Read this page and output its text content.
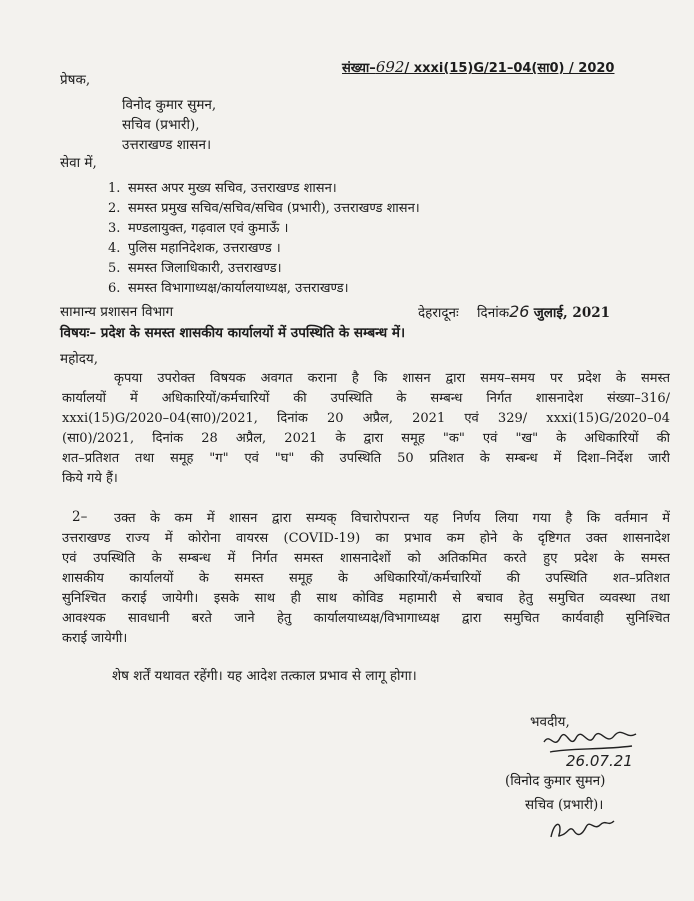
संख्या–692/ xxxi(15)G/21–04(सा0) / 2020
प्रेषक,
विनोद कुमार सुमन,
सचिव (प्रभारी),
उत्तराखण्ड शासन।
सेवा में,
1. समस्त अपर मुख्य सचिव, उत्तराखण्ड शासन।
2. समस्त प्रमुख सचिव/सचिव/सचिव (प्रभारी), उत्तराखण्ड शासन।
3. मण्डलायुक्त, गढ़वाल एवं कुमाऊँ ।
4. पुलिस महानिदेशक, उत्तराखण्ड ।
5. समस्त जिलाधिकारी, उत्तराखण्ड।
6. समस्त विभागाध्यक्ष/कार्यालयाध्यक्ष, उत्तराखण्ड।
सामान्य प्रशासन विभाग	देहरादूनः दिनांक26 जुलाई, 2021
विषयः– प्रदेश के समस्त शासकीय कार्यालयों में उपस्थिति के सम्बन्ध में।
महोदय,
कृपया उपरोक्त विषयक अवगत कराना है कि शासन द्वारा समय–समय पर प्रदेश के समस्त
कार्यालयों में अधिकारियों/कर्मचारियों की उपस्थिति के सम्बन्ध निर्गत शासनादेश संख्या–316/
xxxi(15)G/2020–04(सा0)/2021, दिनांक 20 अप्रैल, 2021 एवं 329/ xxxi(15)G/2020–04
(सा0)/2021, दिनांक 28 अप्रैल, 2021 के द्वारा समूह "क" एवं "ख" के अधिकारियों की
शत–प्रतिशत तथा समूह "ग" एवं "घ" की उपस्थिति 50 प्रतिशत के सम्बन्ध में दिशा–निर्देश जारी
किये गये हैं।
2–	उक्त के कम में शासन द्वारा सम्यक् विचारोपरान्त यह निर्णय लिया गया है कि वर्तमान में
उत्तराखण्ड राज्य में कोरोना वायरस (COVID-19) का प्रभाव कम होने के दृष्टिगत उक्त शासनादेश
एवं उपस्थिति के सम्बन्ध में निर्गत समस्त शासनादेशों को अतिकमित करते हुए प्रदेश के समस्त
शासकीय कार्यालयों के समस्त समूह के अधिकारियों/कर्मचारियों की उपस्थिति शत–प्रतिशत
सुनिश्चित कराई जायेगी। इसके साथ ही साथ कोविड महामारी से बचाव हेतु समुचित व्यवस्था तथा
आवश्यक सावधानी बरते जाने हेतु कार्यालयाध्यक्ष/विभागाध्यक्ष द्वारा समुचित कार्यवाही सुनिश्चित
कराई जायेगी।
शेष शर्तें यथावत रहेंगी। यह आदेश तत्काल प्रभाव से लागू होगा।
भवदीय,
26.07.21
(विनोद कुमार सुमन)
सचिव (प्रभारी)।
